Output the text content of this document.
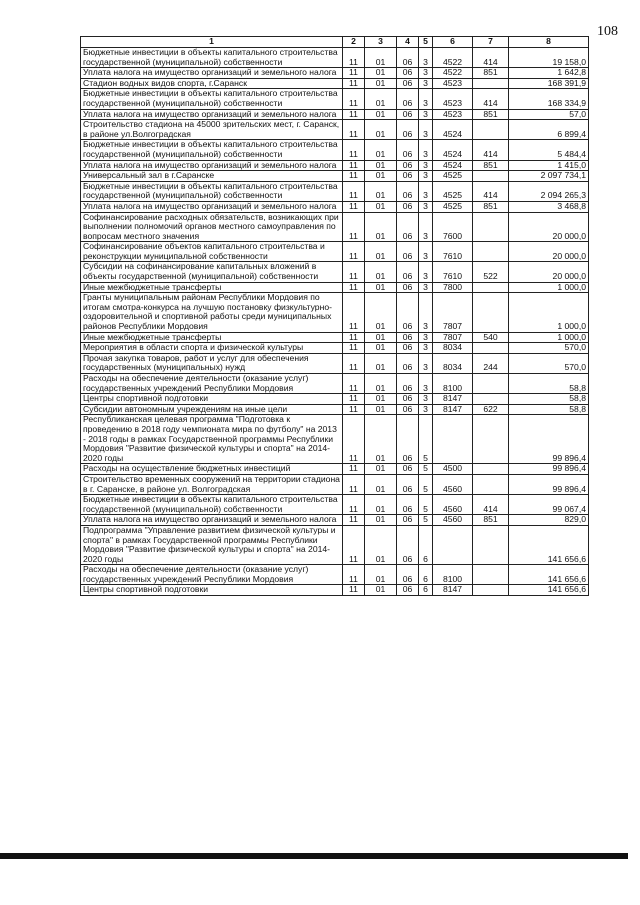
108
1	2	3	4	5	6	7	8
Бюджетные инвестиции в объекты капитального строительства государственной (муниципальной) собственности	11	01	06	3	4522	414	19 158,0
Уплата налога на имущество организаций и земельного налога	11	01	06	3	4522	851	1 642,8
Стадион водных видов спорта, г.Саранск	11	01	06	3	4523		168 391,9
Бюджетные инвестиции в объекты капитального строительства государственной (муниципальной) собственности	11	01	06	3	4523	414	168 334,9
Уплата налога на имущество организаций и земельного налога	11	01	06	3	4523	851	57,0
Строительство стадиона на 45000 зрительских мест, г. Саранск, в районе ул.Волгоградская	11	01	06	3	4524		6 899,4
Бюджетные инвестиции в объекты капитального строительства государственной (муниципальной) собственности	11	01	06	3	4524	414	5 484,4
Уплата налога на имущество организаций и земельного налога	11	01	06	3	4524	851	1 415,0
Универсальный зал в г.Саранске	11	01	06	3	4525		2 097 734,1
Бюджетные инвестиции в объекты капитального строительства государственной (муниципальной) собственности	11	01	06	3	4525	414	2 094 265,3
Уплата налога на имущество организаций и земельного налога	11	01	06	3	4525	851	3 468,8
Софинансирование расходных обязательств, возникающих при выполнении полномочий органов местного самоуправления по вопросам местного значения	11	01	06	3	7600		20 000,0
Софинансирование объектов капитального строительства и реконструкции муниципальной собственности	11	01	06	3	7610		20 000,0
Субсидии на софинансирование капитальных вложений в объекты государственной (муниципальной) собственности	11	01	06	3	7610	522	20 000,0
Иные межбюджетные трансферты	11	01	06	3	7800		1 000,0
Гранты муниципальным районам Республики Мордовия по итогам смотра-конкурса на лучшую постановку физкультурно-оздоровительной и спортивной работы среди муниципальных районов Республики Мордовия	11	01	06	3	7807		1 000,0
Иные межбюджетные трансферты	11	01	06	3	7807	540	1 000,0
Мероприятия в области спорта и физической культуры	11	01	06	3	8034		570,0
Прочая закупка товаров, работ и услуг для обеспечения государственных (муниципальных) нужд	11	01	06	3	8034	244	570,0
Расходы на обеспечение деятельности (оказание услуг) государственных учреждений Республики Мордовия	11	01	06	3	8100		58,8
Центры спортивной подготовки	11	01	06	3	8147		58,8
Субсидии автономным учреждениям на иные цели	11	01	06	3	8147	622	58,8
Республиканская целевая программа "Подготовка к проведению в 2018 году чемпионата мира по футболу" на 2013 - 2018 годы в рамках Государственной программы Республики Мордовия "Развитие физической культуры и спорта" на 2014-2020 годы	11	01	06	5			99 896,4
Расходы на осуществление бюджетных инвестиций	11	01	06	5	4500		99 896,4
Строительство временных сооружений на территории стадиона в г. Саранске, в районе ул. Волгоградская	11	01	06	5	4560		99 896,4
Бюджетные инвестиции в объекты капитального строительства государственной (муниципальной) собственности	11	01	06	5	4560	414	99 067,4
Уплата налога на имущество организаций и земельного налога	11	01	06	5	4560	851	829,0
Подпрограмма "Управление развитием физической культуры и спорта" в рамках Государственной программы Республики Мордовия "Развитие физической культуры и спорта" на 2014-2020 годы	11	01	06	6			141 656,6
Расходы на обеспечение деятельности (оказание услуг) государственных учреждений Республики Мордовия	11	01	06	6	8100		141 656,6
Центры спортивной подготовки	11	01	06	6	8147		141 656,6
